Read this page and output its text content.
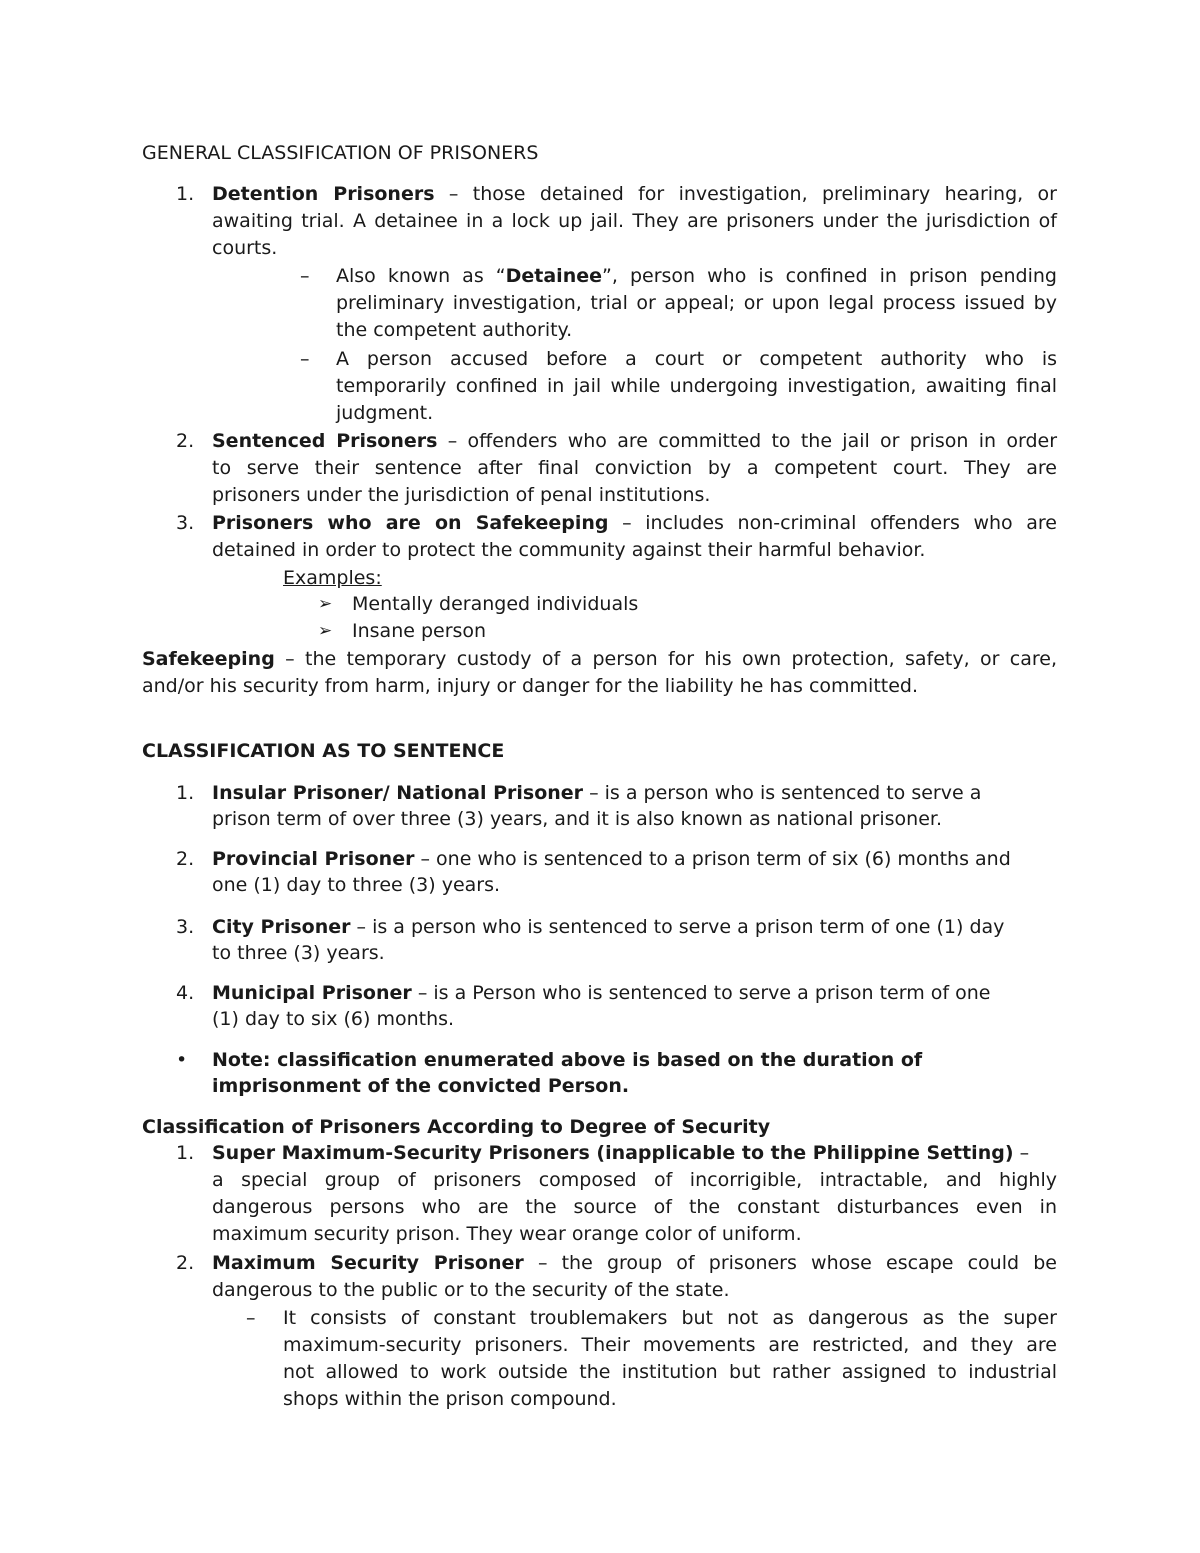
GENERAL CLASSIFICATION OF PRISONERS
1. Detention Prisoners – those detained for investigation, preliminary hearing, or
awaiting trial. A detainee in a lock up jail. They are prisoners under the jurisdiction of
courts.
– Also known as “Detainee”, person who is confined in prison pending
preliminary investigation, trial or appeal; or upon legal process issued by
the competent authority.
– A person accused before a court or competent authority who is
temporarily confined in jail while undergoing investigation, awaiting final
judgment.
2. Sentenced Prisoners – offenders who are committed to the jail or prison in order
to serve their sentence after final conviction by a competent court. They are
prisoners under the jurisdiction of penal institutions.
3. Prisoners who are on Safekeeping – includes non-criminal offenders who are
detained in order to protect the community against their harmful behavior.
Examples:
➢ Mentally deranged individuals
➢ Insane person
Safekeeping – the temporary custody of a person for his own protection, safety, or care,
and/or his security from harm, injury or danger for the liability he has committed.
CLASSIFICATION AS TO SENTENCE
1. Insular Prisoner/ National Prisoner – is a person who is sentenced to serve a
prison term of over three (3) years, and it is also known as national prisoner.
2. Provincial Prisoner – one who is sentenced to a prison term of six (6) months and
one (1) day to three (3) years.
3. City Prisoner – is a person who is sentenced to serve a prison term of one (1) day
to three (3) years.
4. Municipal Prisoner – is a Person who is sentenced to serve a prison term of one
(1) day to six (6) months.
• Note: classification enumerated above is based on the duration of
imprisonment of the convicted Person.
Classification of Prisoners According to Degree of Security
1. Super Maximum-Security Prisoners (inapplicable to the Philippine Setting) –
a special group of prisoners composed of incorrigible, intractable, and highly
dangerous persons who are the source of the constant disturbances even in
maximum security prison. They wear orange color of uniform.
2. Maximum Security Prisoner – the group of prisoners whose escape could be
dangerous to the public or to the security of the state.
– It consists of constant troublemakers but not as dangerous as the super
maximum-security prisoners. Their movements are restricted, and they are
not allowed to work outside the institution but rather assigned to industrial
shops within the prison compound.
